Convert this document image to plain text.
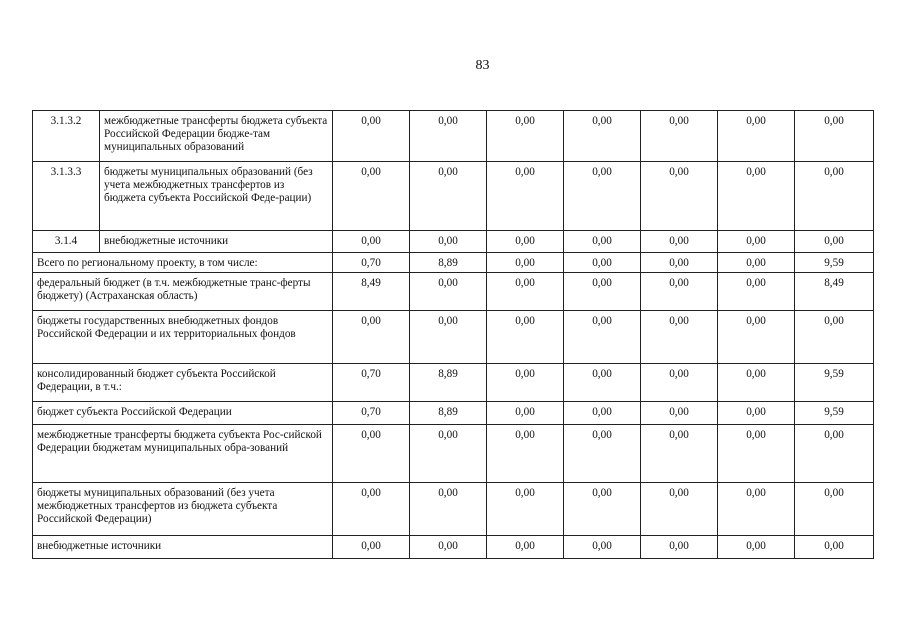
83
3.1.3.2	межбюджетные трансферты бюджета субъекта Российской Федерации бюдже-там муниципальных образований	0,00	0,00	0,00	0,00	0,00	0,00	0,00
3.1.3.3	бюджеты муниципальных образований (без учета межбюджетных трансфертов из бюджета субъекта Российской Феде-рации)	0,00	0,00	0,00	0,00	0,00	0,00	0,00
3.1.4	внебюджетные источники	0,00	0,00	0,00	0,00	0,00	0,00	0,00
Всего по региональному проекту, в том числе:		0,70	8,89	0,00	0,00	0,00	0,00	9,59
федеральный бюджет (в т.ч. межбюджетные транс-ферты бюджету) (Астраханская область)		8,49	0,00	0,00	0,00	0,00	0,00	8,49
бюджеты государственных внебюджетных фондов Российской Федерации и их территориальных фондов		0,00	0,00	0,00	0,00	0,00	0,00	0,00
консолидированный бюджет субъекта Российской Федерации, в т.ч.:		0,70	8,89	0,00	0,00	0,00	0,00	9,59
бюджет субъекта Российской Федерации		0,70	8,89	0,00	0,00	0,00	0,00	9,59
межбюджетные трансферты бюджета субъекта Рос-сийской Федерации бюджетам муниципальных обра-зований		0,00	0,00	0,00	0,00	0,00	0,00	0,00
бюджеты муниципальных образований (без учета межбюджетных трансфертов из бюджета субъекта Российской Федерации)		0,00	0,00	0,00	0,00	0,00	0,00	0,00
внебюджетные источники		0,00	0,00	0,00	0,00	0,00	0,00	0,00
